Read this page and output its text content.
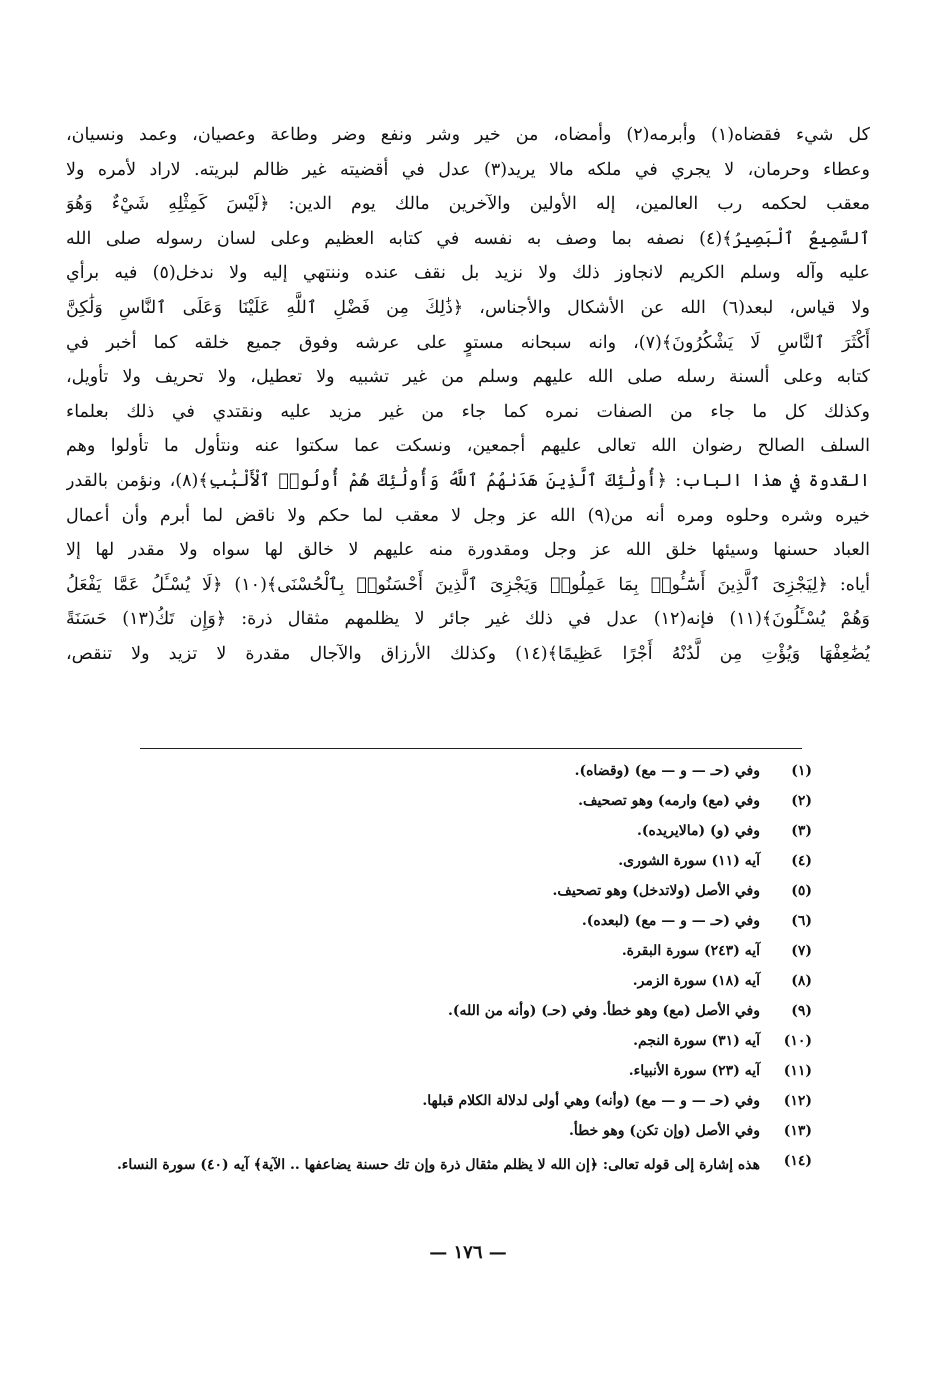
كل شيء فقضاه(١) وأبرمه(٢) وأمضاه، من خير وشر ونفع وضر وطاعة وعصيان، وعمد ونسيان،
وعطاء وحرمان، لا يجري في ملكه مالا يريد(٣) عدل في أقضيته غير ظالم لبريته. لاراد لأمره ولا
معقب لحكمه رب العالمين، إله الأولين والآخرين مالك يوم الدين: ﴿لَيْسَ كَمِثْلِهِ شَيْءٌ وَهُوَ
ٱلسَّمِيعُ ٱلْبَصِيرُ﴾(٤) نصفه بما وصف به نفسه في كتابه العظيم وعلى لسان رسوله صلى الله
عليه وآله وسلم الكريم لانجاوز ذلك ولا نزيد بل نقف عنده وننتهي إليه ولا ندخل(٥) فيه برأي
ولا قياس، لبعد(٦) الله عن الأشكال والأجناس، ﴿ذَٰلِكَ مِن فَضْلِ ٱللَّهِ عَلَيْنَا وَعَلَى ٱلنَّاسِ وَلَٰكِنَّ
أَكْثَرَ ٱلنَّاسِ لَا يَشْكُرُونَ﴾(٧)، وانه سبحانه مستوٍ على عرشه وفوق جميع خلقه كما أخبر في
كتابه وعلى ألسنة رسله صلى الله عليهم وسلم من غير تشبيه ولا تعطيل، ولا تحريف ولا تأويل،
وكذلك كل ما جاء من الصفات نمره كما جاء من غير مزيد عليه ونقتدي في ذلك بعلماء
السلف الصالح رضوان الله تعالى عليهم أجمعين، ونسكت عما سكتوا عنه ونتأول ما تأولوا وهم
القدوة في هذا الباب: ﴿أُولَٰئِكَ ٱلَّذِينَ هَدَىٰهُمُ ٱللَّهُ وَأُولَٰئِكَ هُمْ أُولُوا۟ ٱلْأَلْبَٰبِ﴾(٨)، ونؤمن بالقدر
خيره وشره وحلوه ومره أنه من(٩) الله عز وجل لا معقب لما حكم ولا ناقض لما أبرم وأن أعمال
العباد حسنها وسيئها خلق الله عز وجل ومقدورة منه عليهم لا خالق لها سواه ولا مقدر لها إلا
أياه: ﴿لِيَجْزِىَ ٱلَّذِينَ أَسَٰٓـُٔوا۟ بِمَا عَمِلُوا۟ وَيَجْزِىَ ٱلَّذِينَ أَحْسَنُوا۟ بِٱلْحُسْنَى﴾(١٠) ﴿لَا يُسْـَٔلُ عَمَّا يَفْعَلُ
وَهُمْ يُسْـَٔلُونَ﴾(١١) فإنه(١٢) عدل في ذلك غير جائر لا يظلمهم مثقال ذرة: ﴿وَإِن تَكُ(١٣) حَسَنَةً
يُضَٰعِفْهَا وَيُؤْتِ مِن لَّدُنْهُ أَجْرًا عَظِيمًا﴾(١٤) وكذلك الأرزاق والآجال مقدرة لا تزيد ولا تنقص،
(١)
وفي (حـ — و — مع) (وقضاه).
(٢)
وفي (مع) وارمه) وهو تصحيف.
(٣)
وفي (و) (مالايريده).
(٤)
آيه (١١) سورة الشورى.
(٥)
وفي الأصل (ولاتدخل) وهو تصحيف.
(٦)
وفي (حـ — و — مع) (لبعده).
(٧)
آيه (٢٤٣) سورة البقرة.
(٨)
آيه (١٨) سورة الزمر.
(٩)
وفي الأصل (مع) وهو خطأ. وفي (حـ) (وأنه من الله).
(١٠)
آيه (٣١) سورة النجم.
(١١)
آيه (٢٣) سورة الأنبياء.
(١٢)
وفي (حـ — و — مع) (وأنه) وهي أولى لدلالة الكلام قبلها.
(١٣)
وفي الأصل (وإن تكن) وهو خطأ.
(١٤)
هذه إشارة إلى قوله تعالى: ﴿إن الله لا يظلم مثقال ذرة وإن تك حسنة يضاعفها .. الآية﴾ آيه (٤٠) سورة النساء.
— ١٧٦ —
